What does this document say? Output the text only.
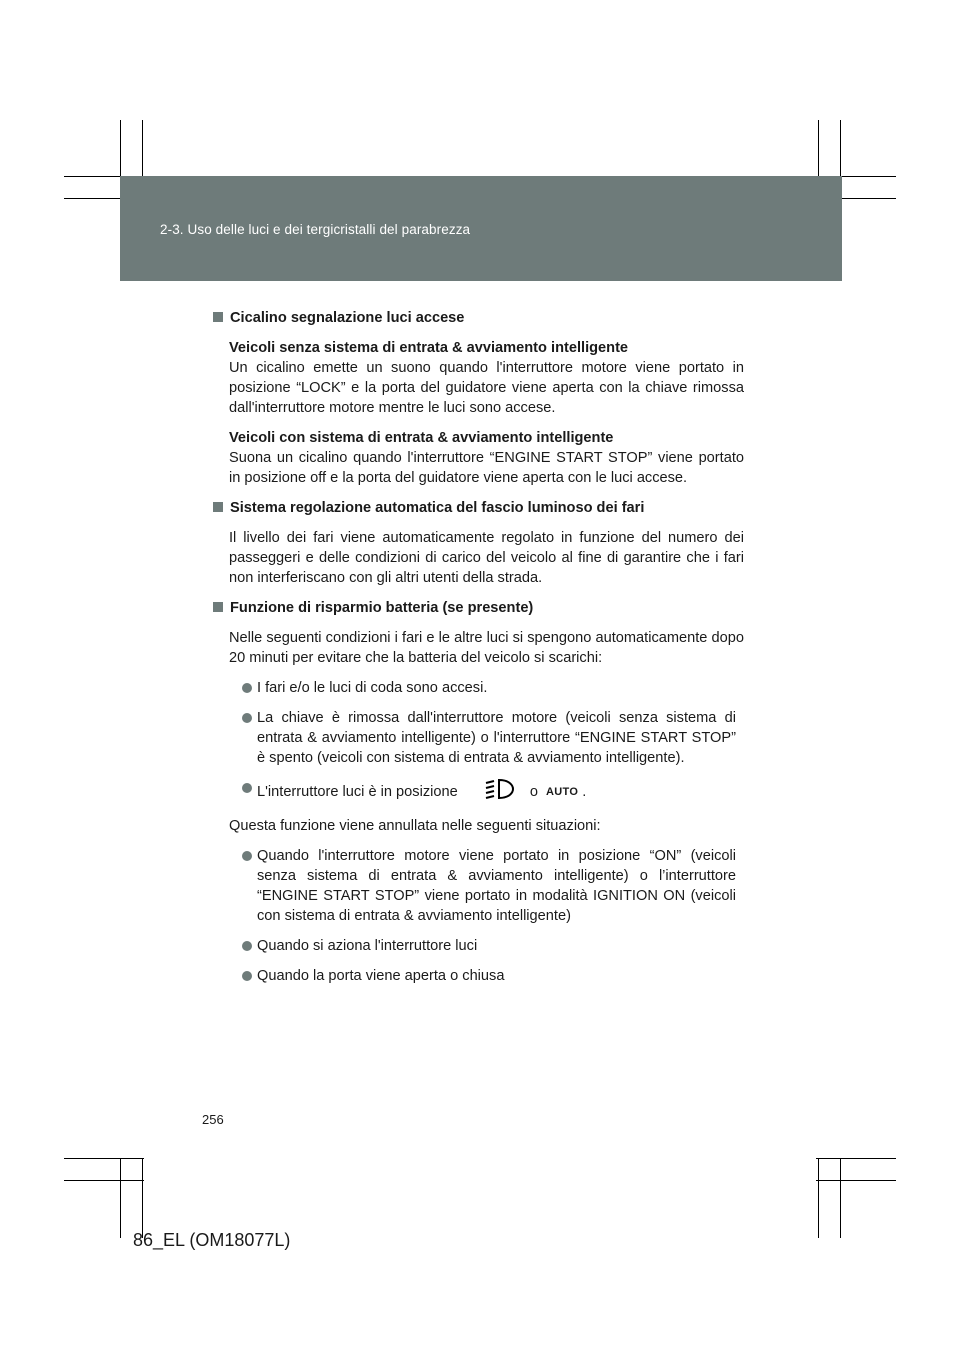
2-3. Uso delle luci e dei tergicristalli del parabrezza
Cicalino segnalazione luci accese
Veicoli senza sistema di entrata & avviamento intelligente

Un cicalino emette un suono quando l'interruttore motore viene portato in posizione “LOCK” e la porta del guidatore viene aperta con la chiave rimossa dall'interruttore motore mentre le luci sono accese.

Veicoli con sistema di entrata & avviamento intelligente

Suona un cicalino quando l'interruttore “ENGINE START STOP” viene portato in posizione off e la porta del guidatore viene aperta con le luci accese.

Sistema regolazione automatica del fascio luminoso dei fari

Il livello dei fari viene automaticamente regolato in funzione del numero dei passeggeri e delle condizioni di carico del veicolo al fine di garantire che i fari non interferiscano con gli altri utenti della strada.

Funzione di risparmio batteria (se presente)

Nelle seguenti condizioni i fari e le altre luci si spengono automaticamente dopo 20 minuti per evitare che la batteria del veicolo si scarichi:

I fari e/o le luci di coda sono accesi.
La chiave è rimossa dall'interruttore motore (veicoli senza sistema di entrata & avviamento intelligente) o l'interruttore “ENGINE START STOP” è spento (veicoli con sistema di entrata & avviamento intelligente).
L'interruttore luci è in posizione	o AUTO .

Questa funzione viene annullata nelle seguenti situazioni:

Quando l'interruttore motore viene portato in posizione “ON” (veicoli senza sistema di entrata & avviamento intelligente) o l’interruttore “ENGINE START STOP” viene portato in modalità IGNITION ON (veicoli con sistema di entrata & avviamento intelligente)
Quando si aziona l'interruttore luci
Quando la porta viene aperta o chiusa
256
86_EL (OM18077L)
